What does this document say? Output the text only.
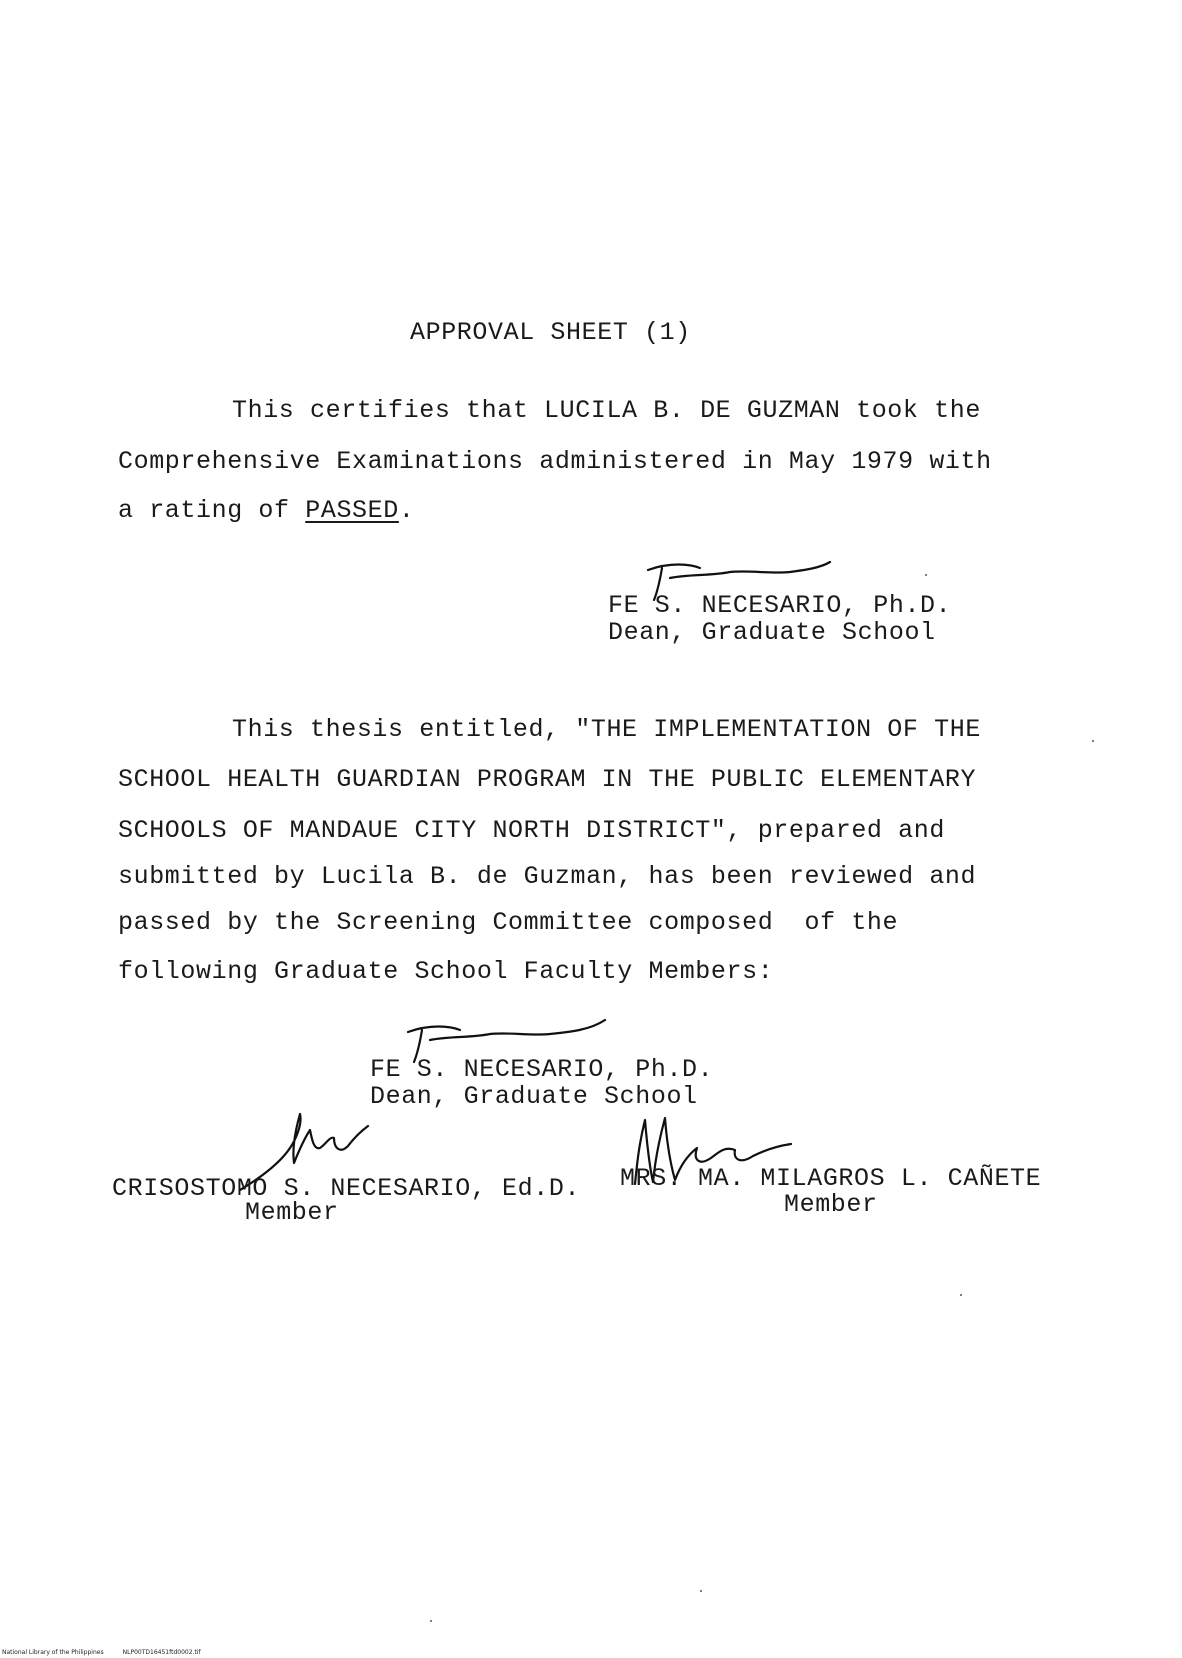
APPROVAL SHEET (1)
This certifies that LUCILA B. DE GUZMAN took the
Comprehensive Examinations administered in May 1979 with
a rating of PASSED.
FE S. NECESARIO, Ph.D.
Dean, Graduate School
This thesis entitled, "THE IMPLEMENTATION OF THE
SCHOOL HEALTH GUARDIAN PROGRAM IN THE PUBLIC ELEMENTARY
SCHOOLS OF MANDAUE CITY NORTH DISTRICT", prepared and
submitted by Lucila B. de Guzman, has been reviewed and
passed by the Screening Committee composed  of the
following Graduate School Faculty Members:
FE S. NECESARIO, Ph.D.
Dean, Graduate School
CRISOSTOMO S. NECESARIO, Ed.D.
Member
MRS. MA. MILAGROS L. CAÑETE
Member
National Library of the Philippines	NLP00TD16451ftd0002.tif
